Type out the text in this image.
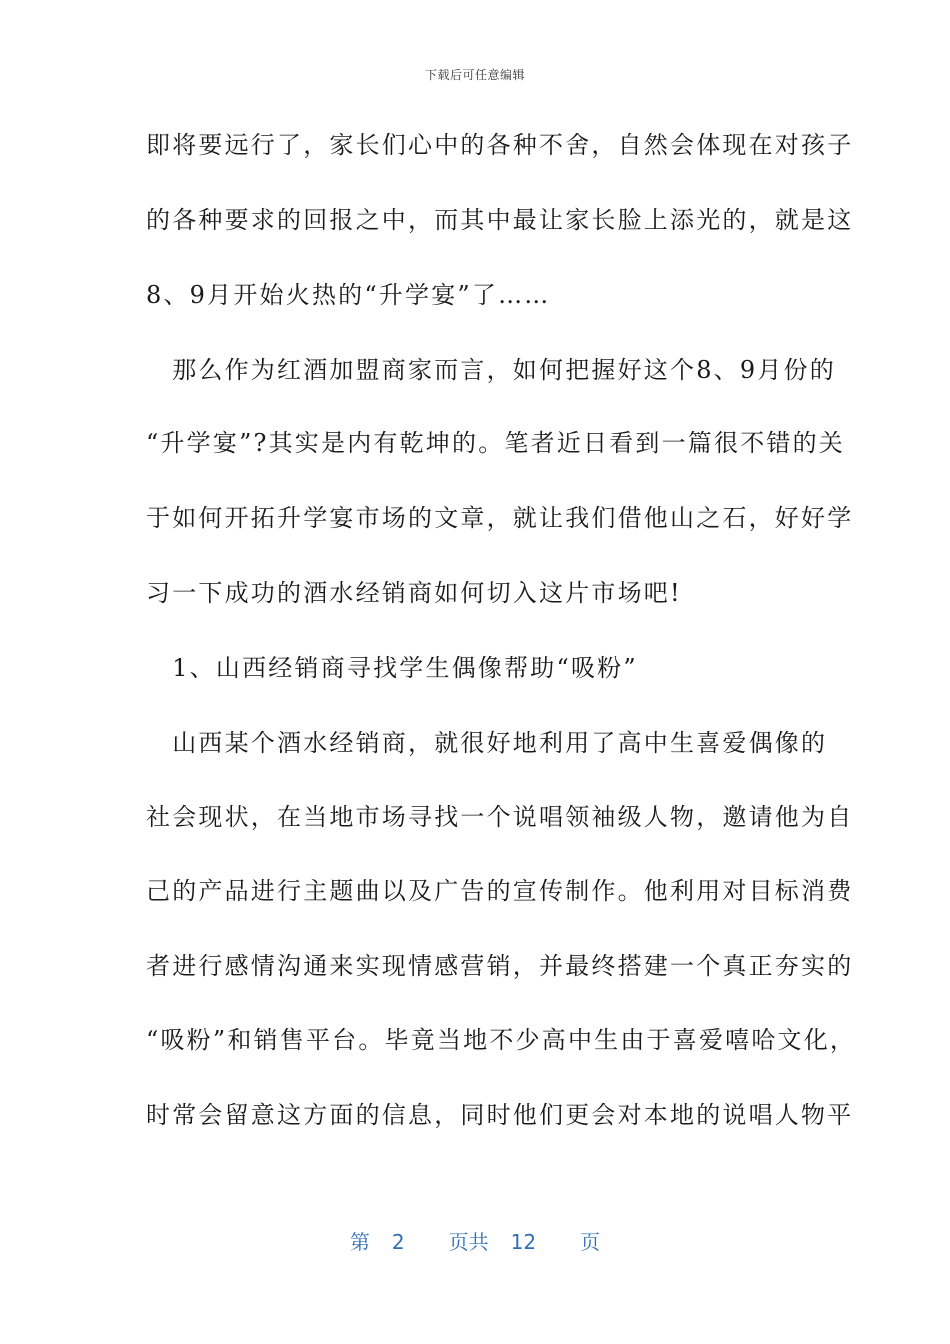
下载后可任意编辑
即将要远行了，家长们心中的各种不舍，自然会体现在对孩子
的各种要求的回报之中，而其中最让家长脸上添光的，就是这
8、9月开始火热的“升学宴”了……
　那么作为红酒加盟商家而言，如何把握好这个8、9月份的
“升学宴”?其实是内有乾坤的。笔者近日看到一篇很不错的关
于如何开拓升学宴市场的文章，就让我们借他山之石，好好学
习一下成功的酒水经销商如何切入这片市场吧!
　1、山西经销商寻找学生偶像帮助“吸粉”
　山西某个酒水经销商，就很好地利用了高中生喜爱偶像的
社会现状，在当地市场寻找一个说唱领袖级人物，邀请他为自
己的产品进行主题曲以及广告的宣传制作。他利用对目标消费
者进行感情沟通来实现情感营销，并最终搭建一个真正夯实的
“吸粉”和销售平台。毕竟当地不少高中生由于喜爱嘻哈文化，
时常会留意这方面的信息，同时他们更会对本地的说唱人物平
第 2 页共 12 页
